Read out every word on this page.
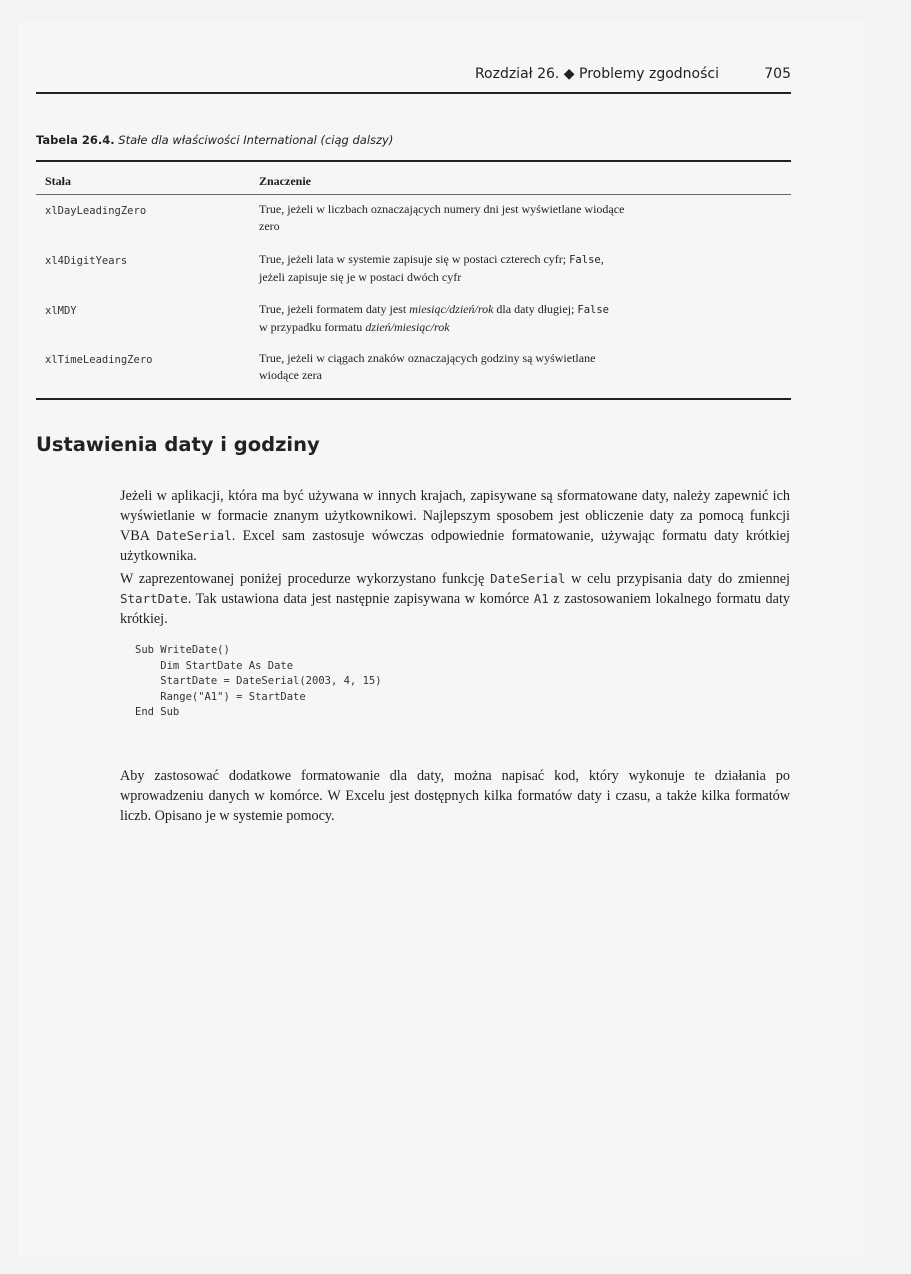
Rozdział 26. ◆ Problemy zgodności	705
Tabela 26.4. Stałe dla właściwości International (ciąg dalszy)
Stała	Znaczenie
xlDayLeadingZero	True, jeżeli w liczbach oznaczających numery dni jest wyświetlane wiodące
zero
xl4DigitYears	True, jeżeli lata w systemie zapisuje się w postaci czterech cyfr; False,
jeżeli zapisuje się je w postaci dwóch cyfr
xlMDY	True, jeżeli formatem daty jest miesiąc/dzień/rok dla daty długiej; False
w przypadku formatu dzień/miesiąc/rok
xlTimeLeadingZero	True, jeżeli w ciągach znaków oznaczających godziny są wyświetlane
wiodące zera
Ustawienia daty i godziny
Jeżeli w aplikacji, która ma być używana w innych krajach, zapisywane są sformatowane daty, należy zapewnić ich wyświetlanie w formacie znanym użytkownikowi. Najlepszym sposobem jest obliczenie daty za pomocą funkcji VBA DateSerial. Excel sam zastosuje wówczas odpowiednie formatowanie, używając formatu daty krótkiej użytkownika.
W zaprezentowanej poniżej procedurze wykorzystano funkcję DateSerial w celu przypisania daty do zmiennej StartDate. Tak ustawiona data jest następnie zapisywana w komórce A1 z zastosowaniem lokalnego formatu daty krótkiej.
Sub WriteDate()
Dim StartDate As Date
StartDate = DateSerial(2003, 4, 15)
Range("A1") = StartDate
End Sub
Aby zastosować dodatkowe formatowanie dla daty, można napisać kod, który wykonuje te działania po wprowadzeniu danych w komórce. W Excelu jest dostępnych kilka formatów daty i czasu, a także kilka formatów liczb. Opisano je w systemie pomocy.
